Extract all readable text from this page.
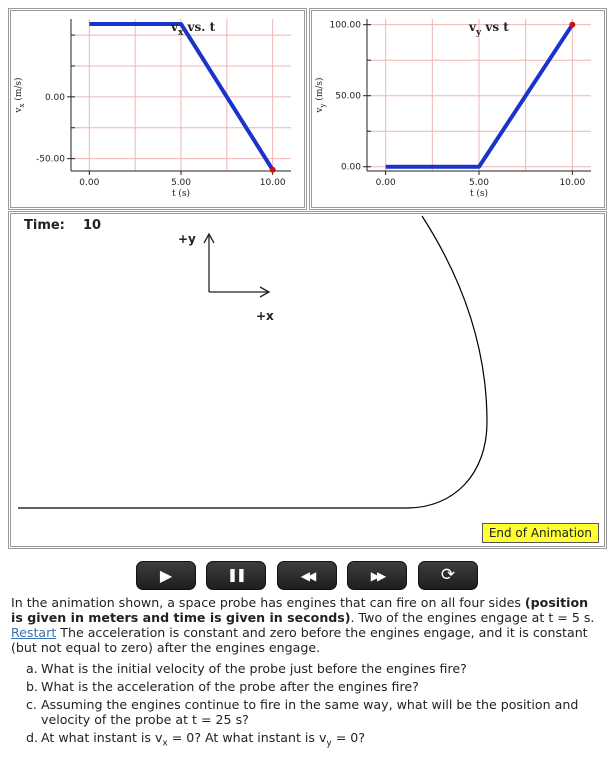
0.00	5.00	10.00
0.00
-50.00
$v_x$ vs. t
t (s)
$v_x$ (m/s)
0.00	5.00	10.00
100.00
50.00
0.00
$v_y$ vs t
t (s)
$v_y$ (m/s)
Time: 10
+y
+x
End of Animation
▶	❚❚	◀◀	▶▶	⟳

In the animation shown, a space probe has engines that can fire on all four sides (position is given in meters and time is given in seconds). Two of the engines engage at t = 5 s.
Restart The acceleration is constant and zero before the engines engage, and it is constant (but not equal to zero) after the engines engage.

a. What is the initial velocity of the probe just before the engines fire?
b. What is the acceleration of the probe after the engines fire?
c. Assuming the engines continue to fire in the same way, what will be the position and velocity of the probe at t = 25 s?
d. At what instant is $v_x = 0$? At what instant is $v_y = 0$?
